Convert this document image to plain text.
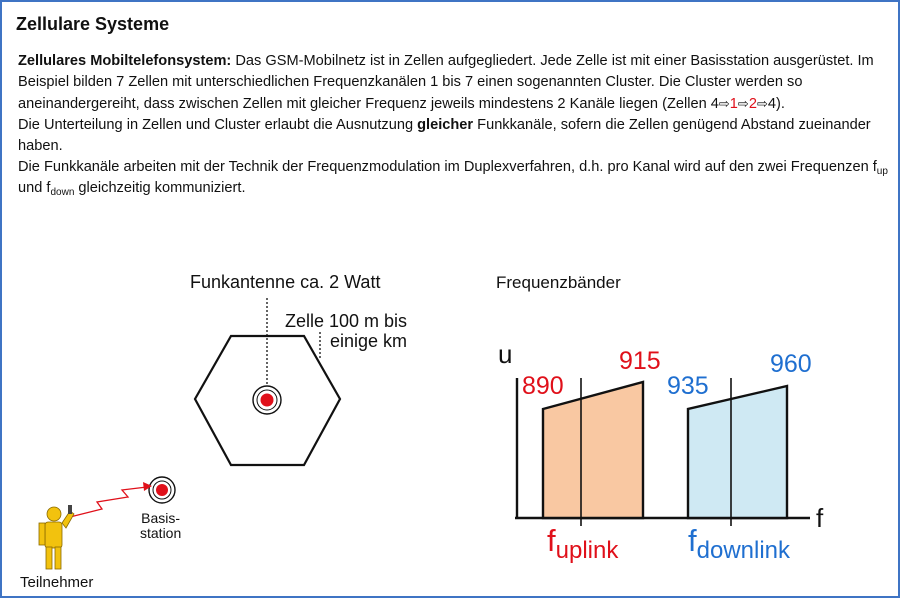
Zellulare Systeme

Zellulares Mobiltelefonsystem: Das GSM-Mobilnetz ist in Zellen aufgegliedert. Jede Zelle ist mit einer Basisstation ausgerüstet. Im Beispiel bilden 7 Zellen mit unterschiedlichen Frequenzkanälen 1 bis 7 einen sogenannten Cluster. Die Cluster werden so aneinandergereiht, dass zwischen Zellen mit gleicher Frequenz jeweils mindestens 2 Kanäle liegen (Zellen 4⇨1⇨2⇨4).

Die Unterteilung in Zellen und Cluster erlaubt die Ausnutzung gleicher Funkkanäle, sofern die Zellen genügend Abstand zueinander haben.

Die Funkkanäle arbeiten mit der Technik der Frequenzmodulation im Duplexverfahren, d.h. pro Kanal wird auf den zwei Frequenzen $f_{up}$ und $f_{down}$ gleichzeitig kommuniziert.

Funkantenne ca. 2 Watt
Zelle 100 m bis
einige km
Basis-
station
Teilnehmer
Frequenzbänder
u
f
890
915
935
960
$f_{uplink}$ $f_{downlink}$
